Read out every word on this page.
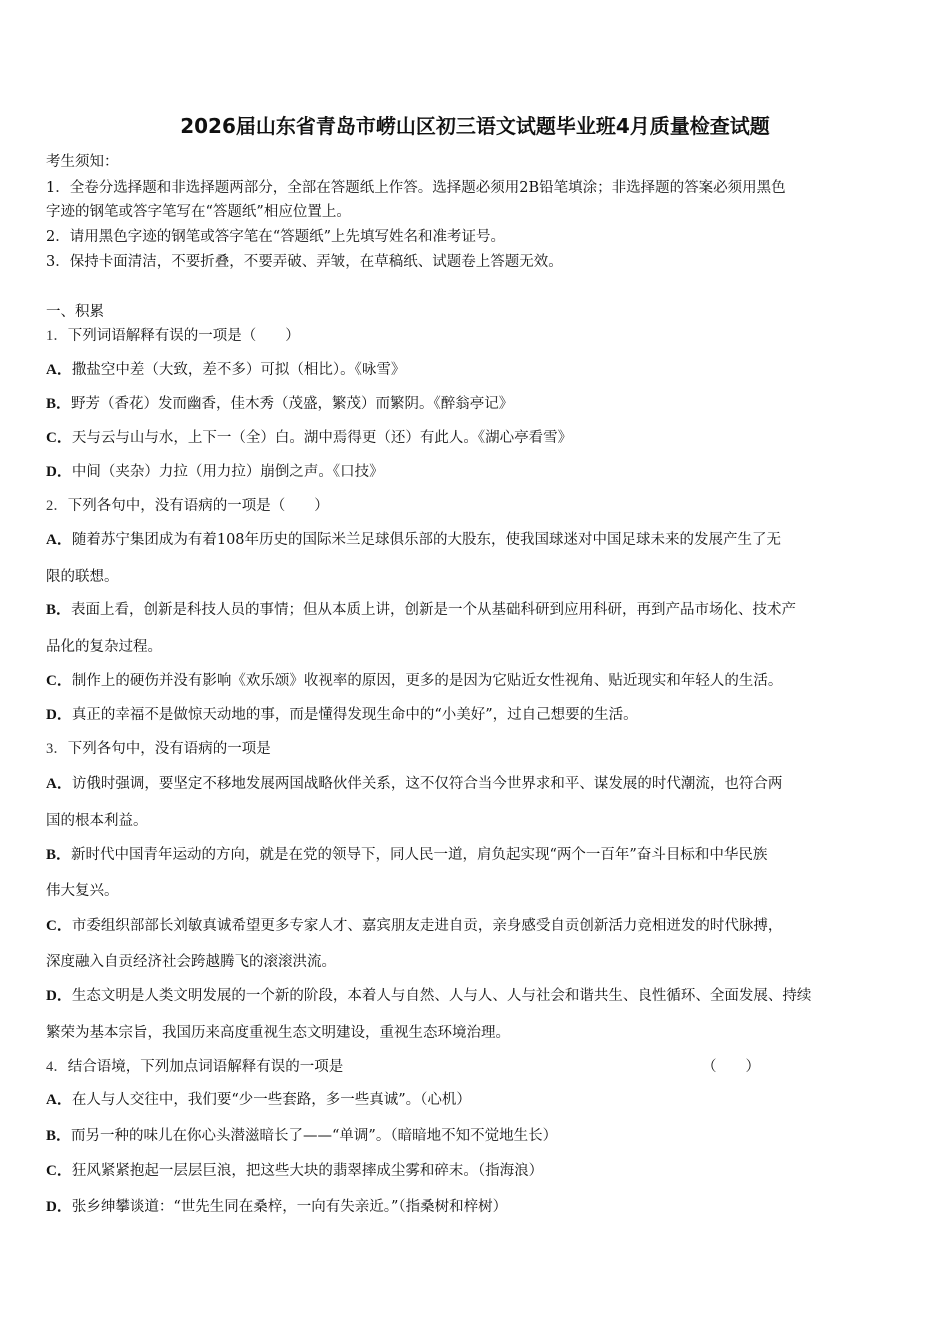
2026届山东省青岛市崂山区初三语文试题毕业班4月质量检查试题
考生须知：
1．全卷分选择题和非选择题两部分，全部在答题纸上作答。选择题必须用2B铅笔填涂；非选择题的答案必须用黑色
字迹的钢笔或答字笔写在“答题纸”相应位置上。
2．请用黑色字迹的钢笔或答字笔在“答题纸”上先填写姓名和准考证号。
3．保持卡面清洁，不要折叠，不要弄破、弄皱，在草稿纸、试题卷上答题无效。
一、积累
1．下列词语解释有误的一项是（　　）
A．撒盐空中差（大致，差不多）可拟（相比）。《咏雪》
B．野芳（香花）发而幽香，佳木秀（茂盛，繁茂）而繁阴。《醉翁亭记》
C．天与云与山与水，上下一（全）白。湖中焉得更（还）有此人。《湖心亭看雪》
D．中间（夹杂）力拉（用力拉）崩倒之声。《口技》
2．下列各句中，没有语病的一项是（　　）
A．随着苏宁集团成为有着108年历史的国际米兰足球俱乐部的大股东，使我国球迷对中国足球未来的发展产生了无
限的联想。
B．表面上看，创新是科技人员的事情；但从本质上讲，创新是一个从基础科研到应用科研，再到产品市场化、技术产
品化的复杂过程。
C．制作上的硬伤并没有影响《欢乐颂》收视率的原因，更多的是因为它贴近女性视角、贴近现实和年轻人的生活。
D．真正的幸福不是做惊天动地的事，而是懂得发现生命中的“小美好”，过自己想要的生活。
3．下列各句中，没有语病的一项是
A．访俄时强调，要坚定不移地发展两国战略伙伴关系，这不仅符合当今世界求和平、谋发展的时代潮流，也符合两
国的根本利益。
B．新时代中国青年运动的方向，就是在党的领导下，同人民一道，肩负起实现“两个一百年”奋斗目标和中华民族
伟大复兴。
C．市委组织部部长刘敏真诚希望更多专家人才、嘉宾朋友走进自贡，亲身感受自贡创新活力竞相迸发的时代脉搏，
深度融入自贡经济社会跨越腾飞的滚滚洪流。
D．生态文明是人类文明发展的一个新的阶段，本着人与自然、人与人、人与社会和谐共生、良性循环、全面发展、持续
繁荣为基本宗旨，我国历来高度重视生态文明建设，重视生态环境治理。
4．结合语境，下列加点词语解释有误的一项是	（　　）
A．在人与人交往中，我们要“少一些套路，多一些真诚”。（心机）
B．而另一种的味儿在你心头潜滋暗长了——“单调”。（暗暗地不知不觉地生长）
C．狂风紧紧抱起一层层巨浪，把这些大块的翡翠摔成尘雾和碎末。（指海浪）
D．张乡绅攀谈道：“世先生同在桑梓，一向有失亲近。”（指桑树和梓树）
